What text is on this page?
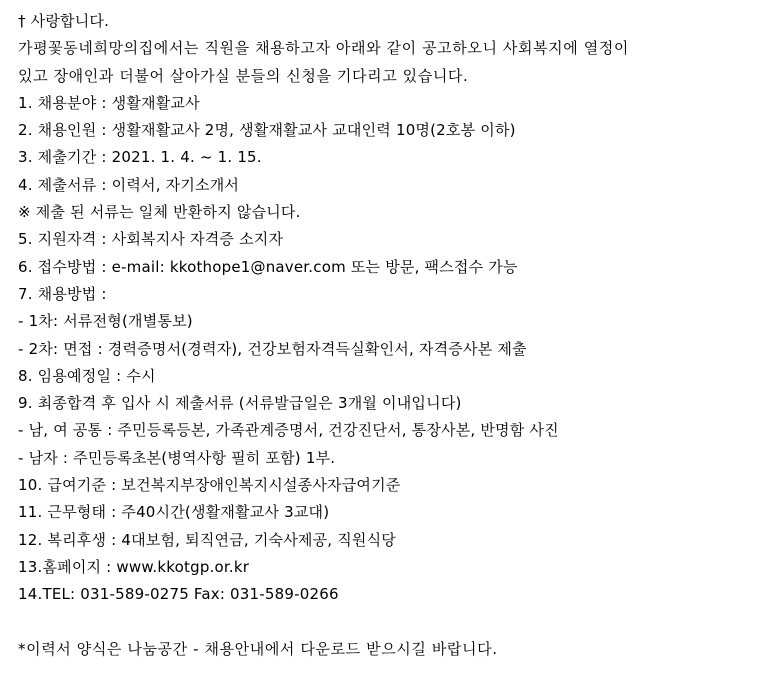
† 사랑합니다.
가평꽃동네희망의집에서는 직원을 채용하고자 아래와 같이 공고하오니 사회복지에 열정이
있고 장애인과 더불어 살아가실 분들의 신청을 기다리고 있습니다.
1. 채용분야 : 생활재활교사
2. 채용인원 : 생활재활교사 2명, 생활재활교사 교대인력 10명(2호봉 이하)
3. 제출기간 : 2021. 1. 4. ~ 1. 15.
4. 제출서류 : 이력서, 자기소개서
※ 제출 된 서류는 일체 반환하지 않습니다.
5. 지원자격 : 사회복지사 자격증 소지자
6. 접수방법 : e-mail: kkothope1@naver.com 또는 방문, 팩스접수 가능
7. 채용방법 :
- 1차: 서류전형(개별통보)
- 2차: 면접 : 경력증명서(경력자), 건강보험자격득실확인서, 자격증사본 제출
8. 임용예정일 : 수시
9. 최종합격 후 입사 시 제출서류 (서류발급일은 3개월 이내입니다)
- 남, 여 공통 : 주민등록등본, 가족관계증명서, 건강진단서, 통장사본, 반명함 사진
- 남자 : 주민등록초본(병역사항 필히 포함) 1부.
10. 급여기준 : 보건복지부장애인복지시설종사자급여기준
11. 근무형태 : 주40시간(생활재활교사 3교대)
12. 복리후생 : 4대보험, 퇴직연금, 기숙사제공, 직원식당
13.홈페이지 : www.kkotgp.or.kr
14.TEL: 031-589-0275 Fax: 031-589-0266
*이력서 양식은 나눔공간 - 채용안내에서 다운로드 받으시길 바랍니다.
